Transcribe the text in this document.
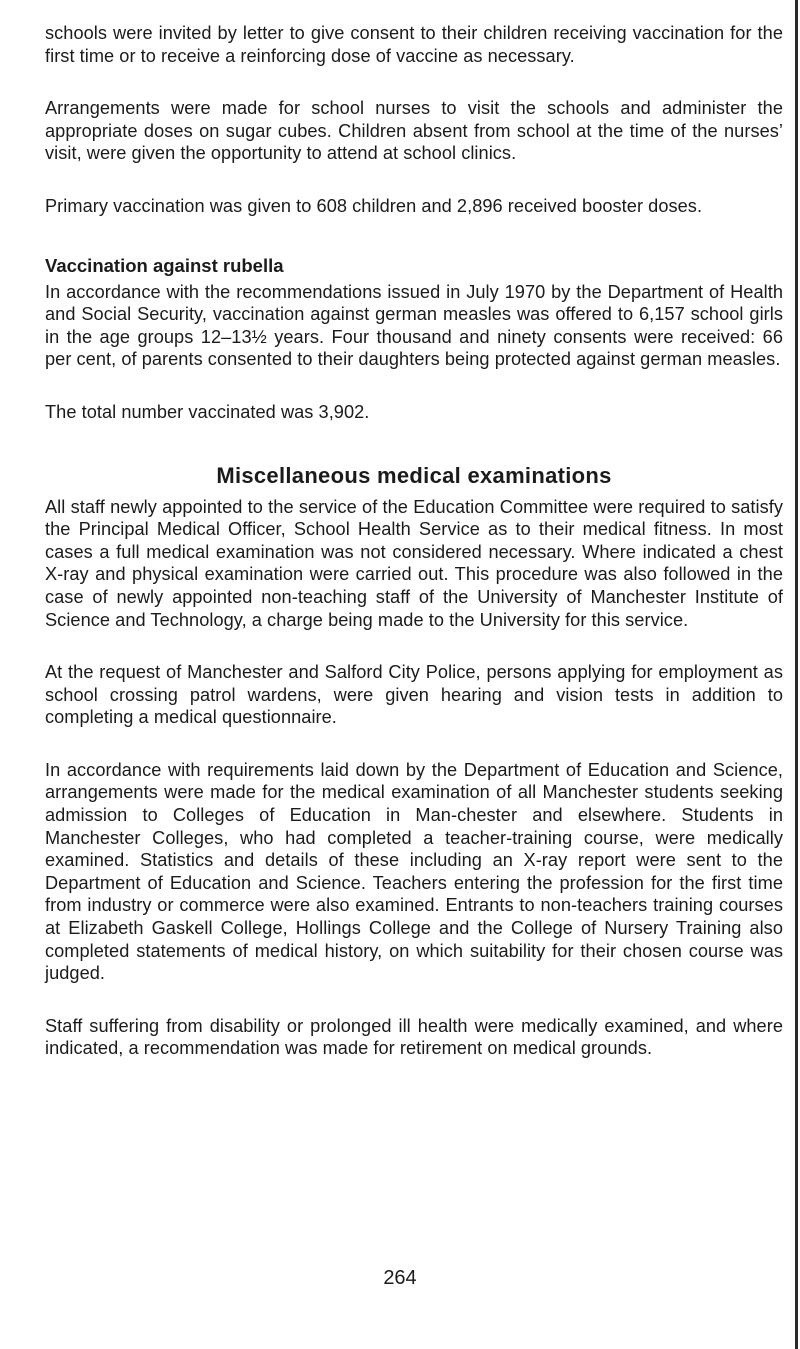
schools were invited by letter to give consent to their children receiving vaccination for the first time or to receive a reinforcing dose of vaccine as necessary.

Arrangements were made for school nurses to visit the schools and administer the appropriate doses on sugar cubes. Children absent from school at the time of the nurses’ visit, were given the opportunity to attend at school clinics.

Primary vaccination was given to 608 children and 2,896 received booster doses.

Vaccination against rubella

In accordance with the recommendations issued in July 1970 by the Department of Health and Social Security, vaccination against german measles was offered to 6,157 school girls in the age groups 12–13½ years. Four thousand and ninety consents were received: 66 per cent, of parents consented to their daughters being protected against german measles.

The total number vaccinated was 3,902.

Miscellaneous medical examinations

All staff newly appointed to the service of the Education Committee were required to satisfy the Principal Medical Officer, School Health Service as to their medical fitness. In most cases a full medical examination was not considered necessary. Where indicated a chest X-ray and physical examination were carried out. This procedure was also followed in the case of newly appointed non-teaching staff of the University of Manchester Institute of Science and Technology, a charge being made to the University for this service.

At the request of Manchester and Salford City Police, persons applying for employment as school crossing patrol wardens, were given hearing and vision tests in addition to completing a medical questionnaire.

In accordance with requirements laid down by the Department of Education and Science, arrangements were made for the medical examination of all Manchester students seeking admission to Colleges of Education in Man-chester and elsewhere. Students in Manchester Colleges, who had completed a teacher-training course, were medically examined. Statistics and details of these including an X-ray report were sent to the Department of Education and Science. Teachers entering the profession for the first time from industry or commerce were also examined. Entrants to non-teachers training courses at Elizabeth Gaskell College, Hollings College and the College of Nursery Training also completed statements of medical history, on which suitability for their chosen course was judged.

Staff suffering from disability or prolonged ill health were medically examined, and where indicated, a recommendation was made for retirement on medical grounds.

264
